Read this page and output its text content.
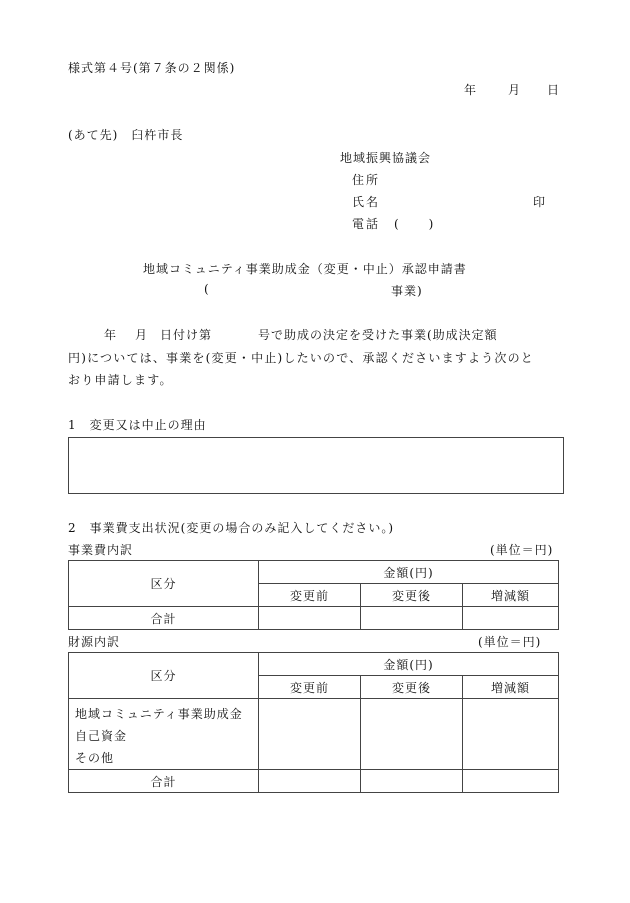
様式第４号(第７条の２関係)
年	月 日
(あて先)　臼杵市長
地域振興協議会
住所
氏名	印
電話　(　　)
地域コミュニティ事業助成金（変更・中止）承認申請書
(	事業)
年 月 日付け第	号で助成の決定を受けた事業(助成決定額
円)については、事業を(変更・中止)したいので、承認くださいますよう次のと
おり申請します。
1　変更又は中止の理由
2　事業費支出状況(変更の場合のみ記入してください。)
事業費内訳	(単位＝円)
区分	金額(円)		
	変更前	変更後	増減額
合計			
財源内訳	(単位＝円)
区分	金額(円)		
	変更前	変更後	増減額

地域コミュニティ事業助成金
自己資金
その他			

合計			
